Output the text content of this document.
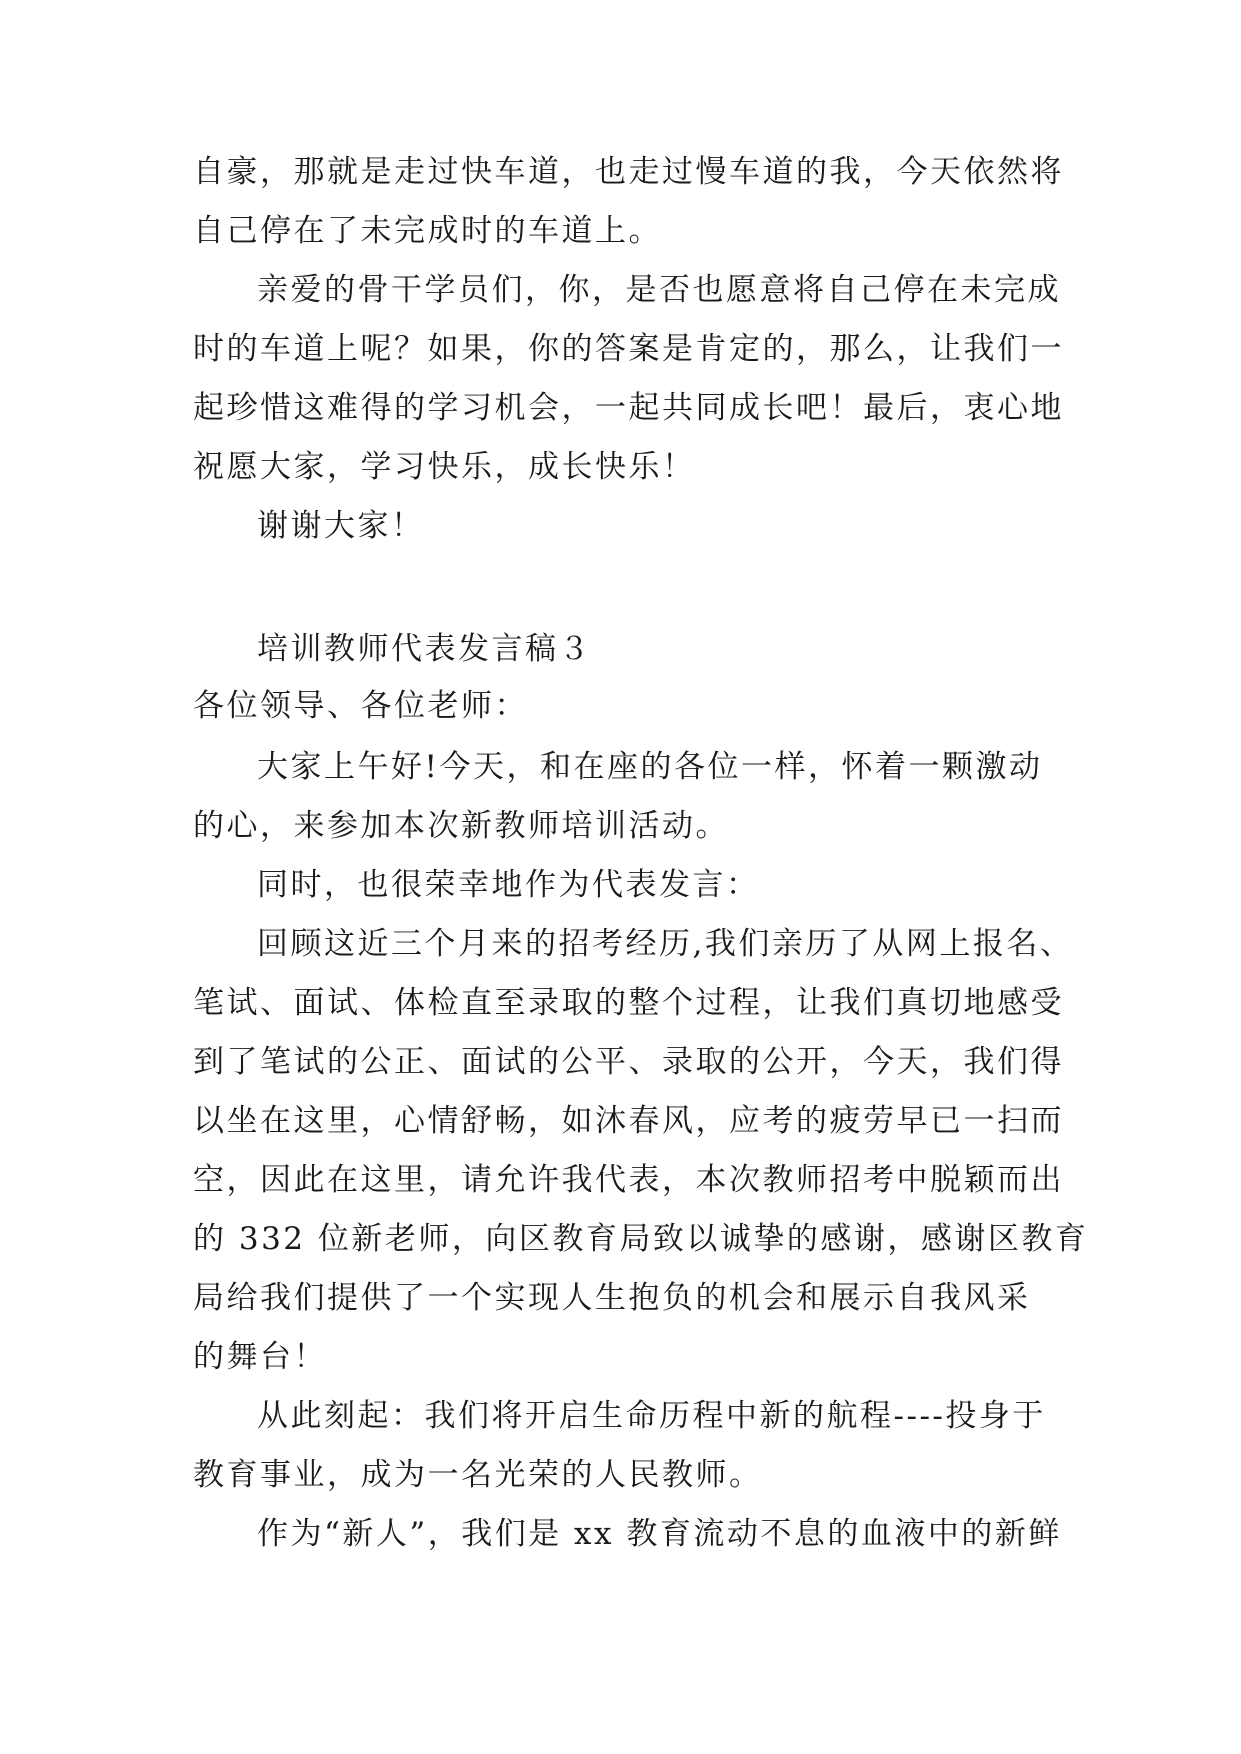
自豪，那就是走过快车道，也走过慢车道的我，今天依然将
自己停在了未完成时的车道上。
亲爱的骨干学员们，你，是否也愿意将自己停在未完成
时的车道上呢？如果，你的答案是肯定的，那么，让我们一
起珍惜这难得的学习机会，一起共同成长吧！最后，衷心地
祝愿大家，学习快乐，成长快乐！
谢谢大家！
培训教师代表发言稿３
各位领导、各位老师：
大家上午好!今天，和在座的各位一样，怀着一颗激动
的心，来参加本次新教师培训活动。
同时，也很荣幸地作为代表发言：
回顾这近三个月来的招考经历,我们亲历了从网上报名、
笔试、面试、体检直至录取的整个过程，让我们真切地感受
到了笔试的公正、面试的公平、录取的公开，今天，我们得
以坐在这里，心情舒畅，如沐春风，应考的疲劳早已一扫而
空，因此在这里，请允许我代表，本次教师招考中脱颖而出
的 332 位新老师，向区教育局致以诚挚的感谢，感谢区教育
局给我们提供了一个实现人生抱负的机会和展示自我风采
的舞台！
从此刻起：我们将开启生命历程中新的航程----投身于
教育事业，成为一名光荣的人民教师。
作为“新人”，我们是 xx 教育流动不息的血液中的新鲜
